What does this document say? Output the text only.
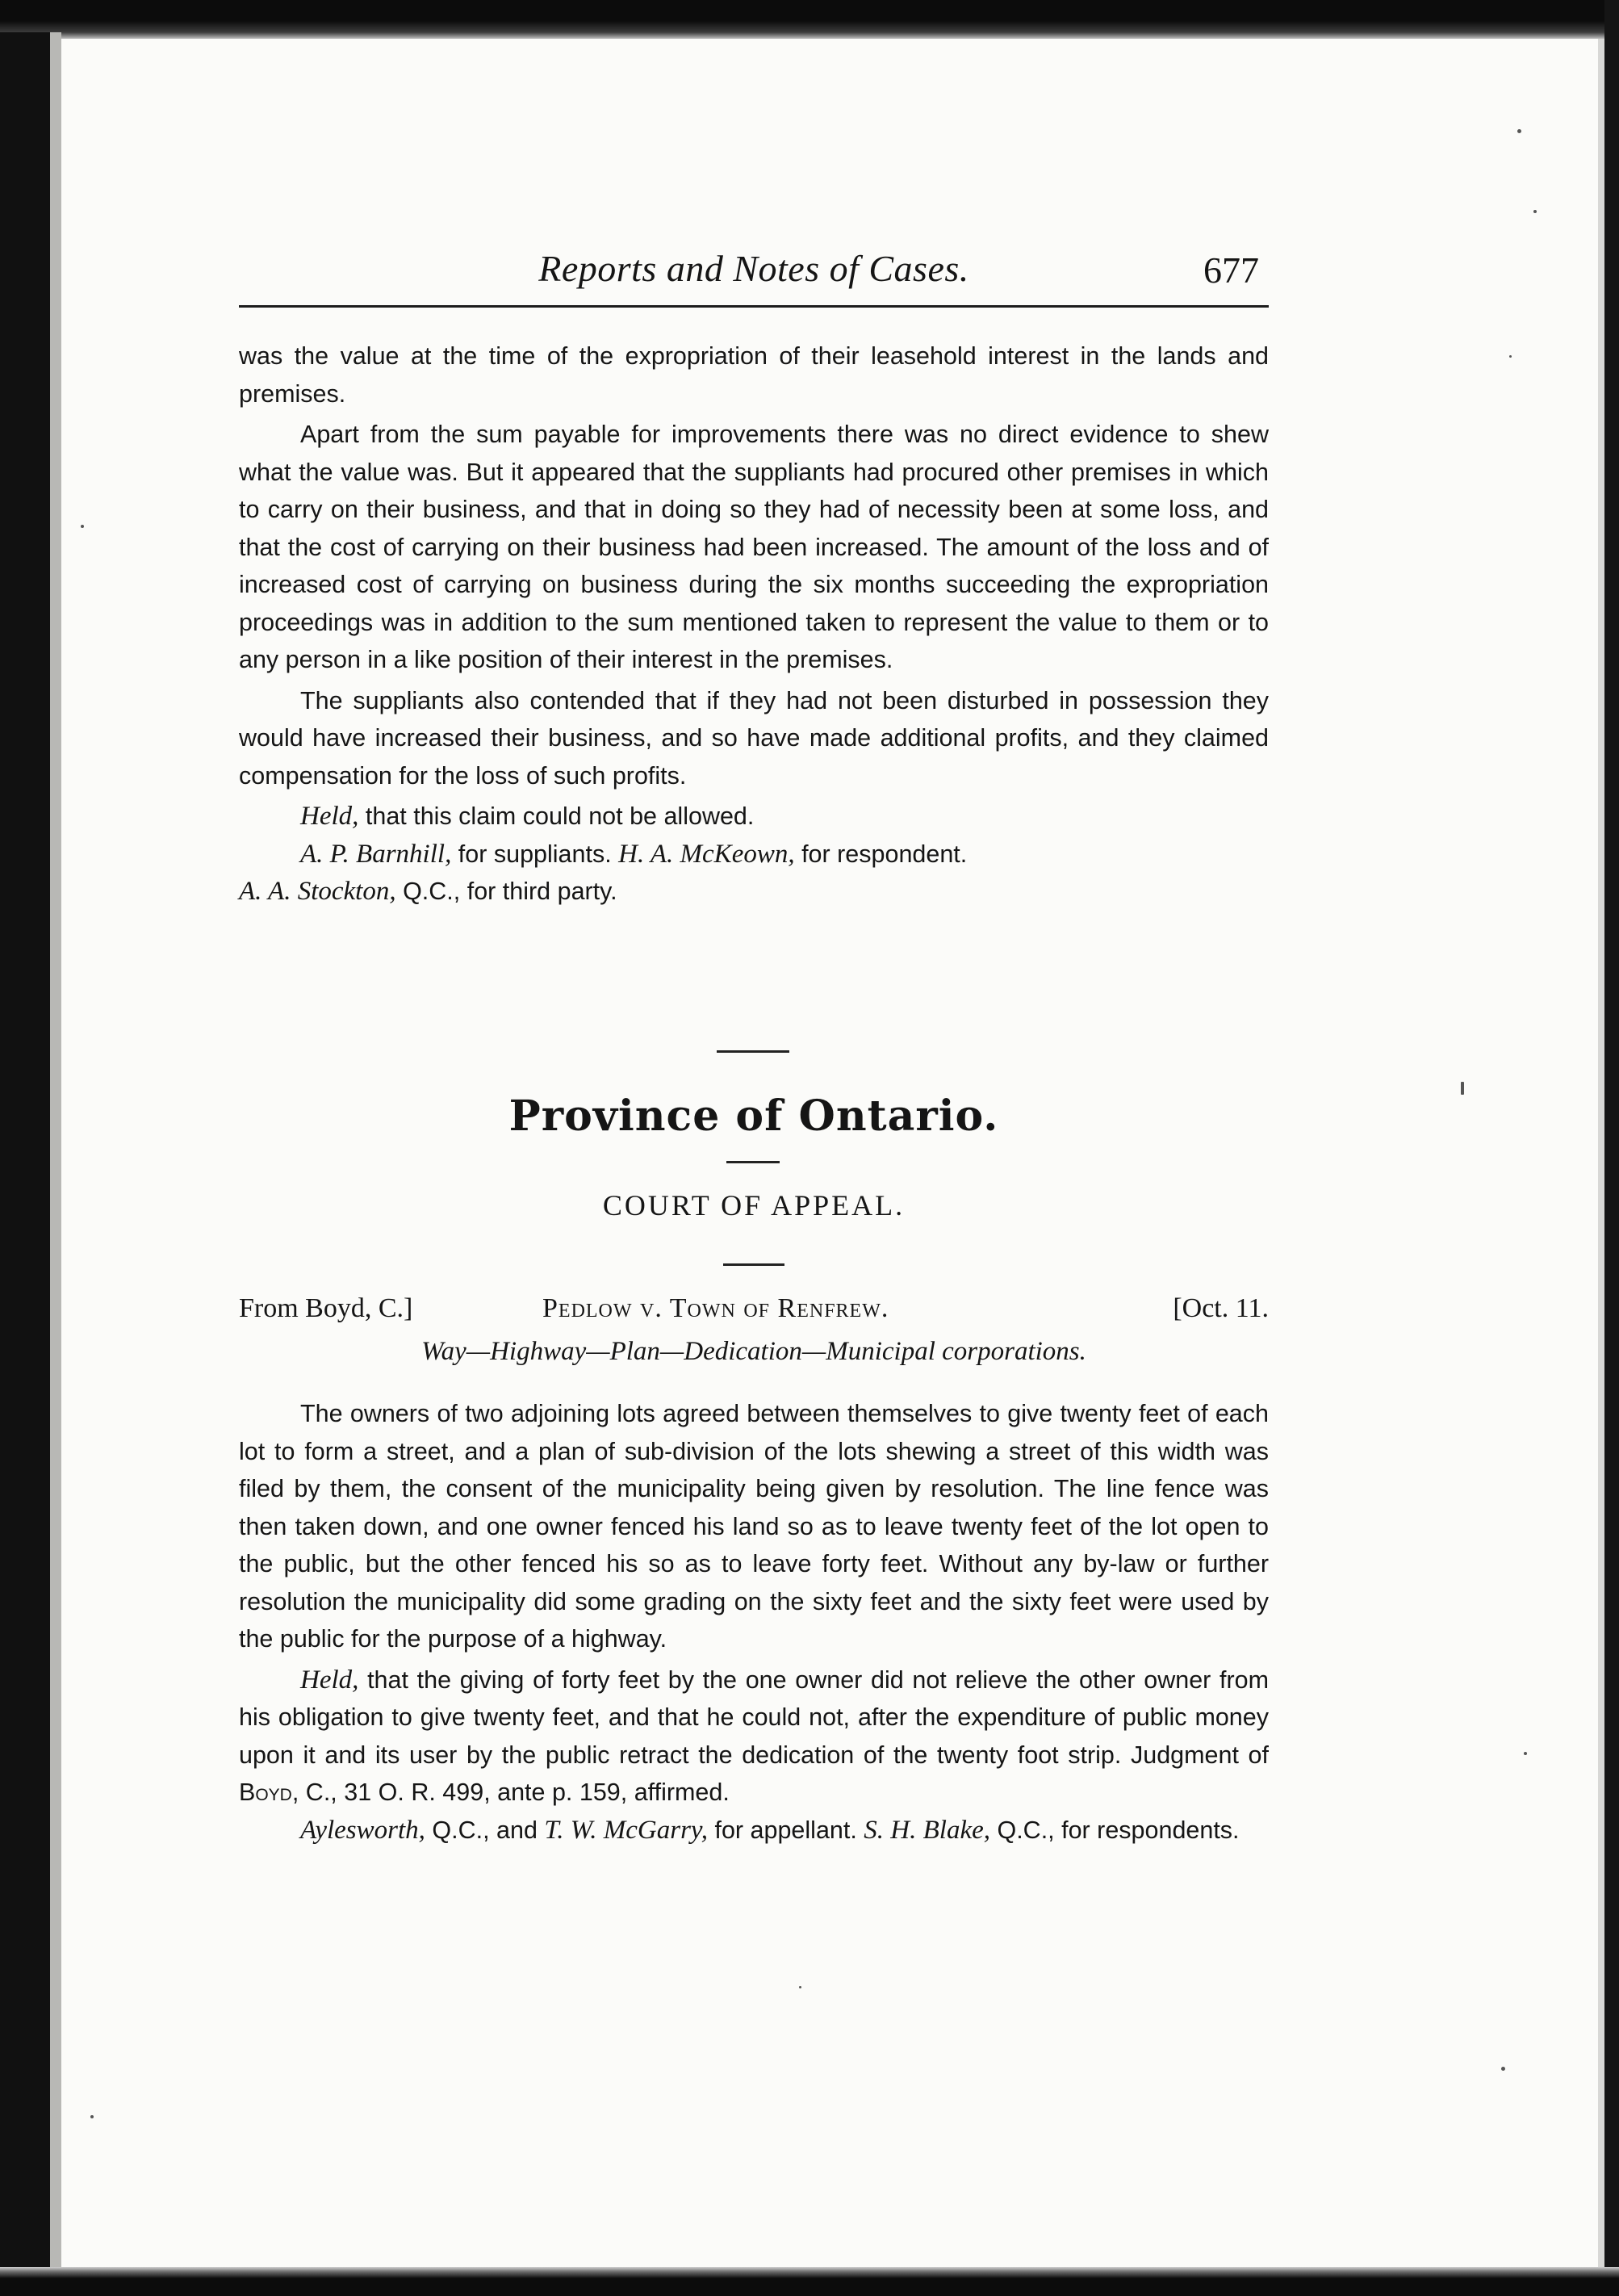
Reports and Notes of Cases.	677

was the value at the time of the expropriation of their leasehold interest in the lands and premises.

Apart from the sum payable for improvements there was no direct evidence to shew what the value was. But it appeared that the suppliants had procured other premises in which to carry on their business, and that in doing so they had of necessity been at some loss, and that the cost of carrying on their business had been increased. The amount of the loss and of increased cost of carrying on business during the six months succeeding the expropriation proceedings was in addition to the sum mentioned taken to represent the value to them or to any person in a like position of their interest in the premises.

The suppliants also contended that if they had not been disturbed in possession they would have increased their business, and so have made additional profits, and they claimed compensation for the loss of such profits.

Held, that this claim could not be allowed.

A. P. Barnhill, for suppliants. H. A. McKeown, for respondent.

A. A. Stockton, Q.C., for third party.

Province of Ontario.
COURT OF APPEAL.
From Boyd, C.]	Pedlow v. Town of Renfrew.	[Oct. 11.
Way—Highway—Plan—Dedication—Municipal corporations.

The owners of two adjoining lots agreed between themselves to give twenty feet of each lot to form a street, and a plan of sub-division of the lots shewing a street of this width was filed by them, the consent of the municipality being given by resolution. The line fence was then taken down, and one owner fenced his land so as to leave twenty feet of the lot open to the public, but the other fenced his so as to leave forty feet. Without any by-law or further resolution the municipality did some grading on the sixty feet and the sixty feet were used by the public for the purpose of a highway.

Held, that the giving of forty feet by the one owner did not relieve the other owner from his obligation to give twenty feet, and that he could not, after the expenditure of public money upon it and its user by the public retract the dedication of the twenty foot strip. Judgment of Boyd, C., 31 O. R. 499, ante p. 159, affirmed.

Aylesworth, Q.C., and T. W. McGarry, for appellant. S. H. Blake, Q.C., for respondents.
